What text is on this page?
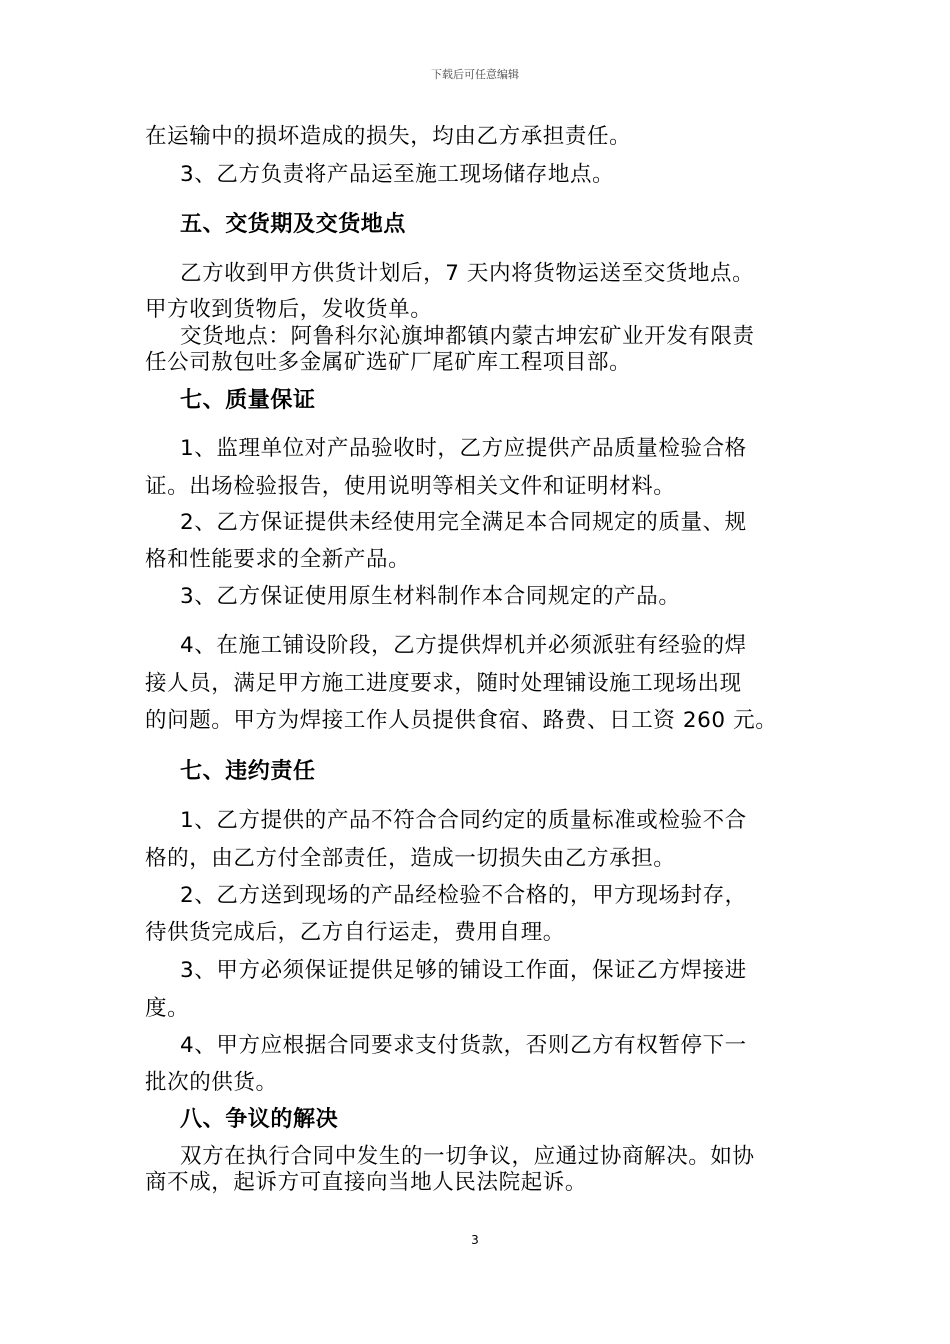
下载后可任意编辑
在运输中的损坏造成的损失，均由乙方承担责任。
3、乙方负责将产品运至施工现场储存地点。
五、交货期及交货地点
乙方收到甲方供货计划后，7 天内将货物运送至交货地点。
甲方收到货物后，发收货单。
交货地点：阿鲁科尔沁旗坤都镇内蒙古坤宏矿业开发有限责
任公司敖包吐多金属矿选矿厂尾矿库工程项目部。
七、质量保证
1、监理单位对产品验收时，乙方应提供产品质量检验合格
证。出场检验报告，使用说明等相关文件和证明材料。
2、乙方保证提供未经使用完全满足本合同规定的质量、规
格和性能要求的全新产品。
3、乙方保证使用原生材料制作本合同规定的产品。
4、在施工铺设阶段，乙方提供焊机并必须派驻有经验的焊
接人员，满足甲方施工进度要求，随时处理铺设施工现场出现
的问题。甲方为焊接工作人员提供食宿、路费、日工资 260 元。
七、违约责任
1、乙方提供的产品不符合合同约定的质量标准或检验不合
格的，由乙方付全部责任，造成一切损失由乙方承担。
2、乙方送到现场的产品经检验不合格的，甲方现场封存，
待供货完成后，乙方自行运走，费用自理。
3、甲方必须保证提供足够的铺设工作面，保证乙方焊接进
度。
4、甲方应根据合同要求支付货款，否则乙方有权暂停下一
批次的供货。
八、争议的解决
双方在执行合同中发生的一切争议，应通过协商解决。如协
商不成，起诉方可直接向当地人民法院起诉。
3
